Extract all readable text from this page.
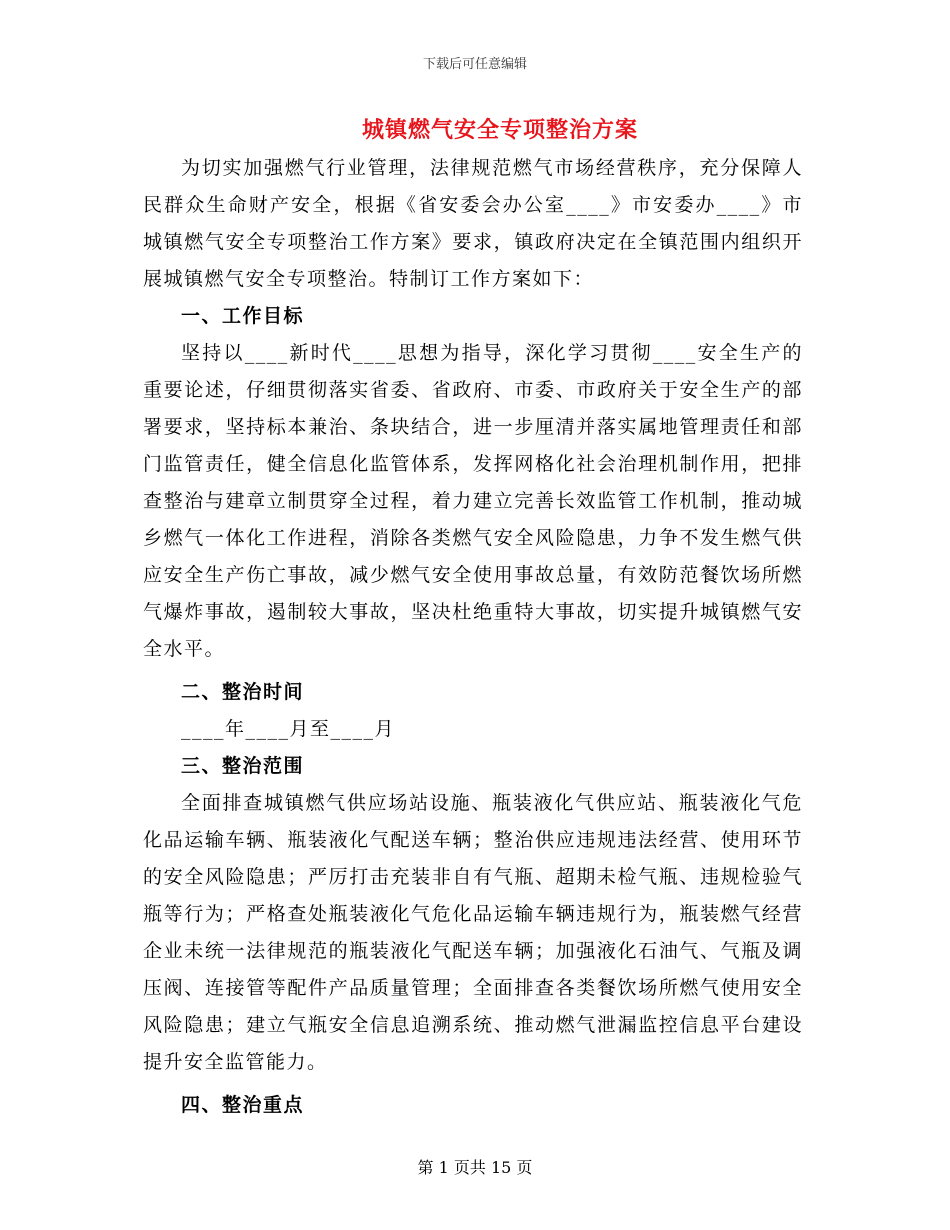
下载后可任意编辑
城镇燃气安全专项整治方案

为切实加强燃气行业管理，法律规范燃气市场经营秩序，充分保障人民群众生命财产安全，根据《省安委会办公室____》市安委办____》市城镇燃气安全专项整治工作方案》要求，镇政府决定在全镇范围内组织开展城镇燃气安全专项整治。特制订工作方案如下：

一、工作目标

坚持以____新时代____思想为指导，深化学习贯彻____安全生产的重要论述，仔细贯彻落实省委、省政府、市委、市政府关于安全生产的部署要求，坚持标本兼治、条块结合，进一步厘清并落实属地管理责任和部门监管责任，健全信息化监管体系，发挥网格化社会治理机制作用，把排查整治与建章立制贯穿全过程，着力建立完善长效监管工作机制，推动城乡燃气一体化工作进程，消除各类燃气安全风险隐患，力争不发生燃气供应安全生产伤亡事故，减少燃气安全使用事故总量，有效防范餐饮场所燃气爆炸事故，遏制较大事故，坚决杜绝重特大事故，切实提升城镇燃气安全水平。

二、整治时间

____年____月至____月

三、整治范围

全面排查城镇燃气供应场站设施、瓶装液化气供应站、瓶装液化气危化品运输车辆、瓶装液化气配送车辆；整治供应违规违法经营、使用环节的安全风险隐患；严厉打击充装非自有气瓶、超期未检气瓶、违规检验气瓶等行为；严格查处瓶装液化气危化品运输车辆违规行为，瓶装燃气经营企业未统一法律规范的瓶装液化气配送车辆；加强液化石油气、气瓶及调压阀、连接管等配件产品质量管理；全面排查各类餐饮场所燃气使用安全风险隐患；建立气瓶安全信息追溯系统、推动燃气泄漏监控信息平台建设提升安全监管能力。

四、整治重点
第 1 页共 15 页
